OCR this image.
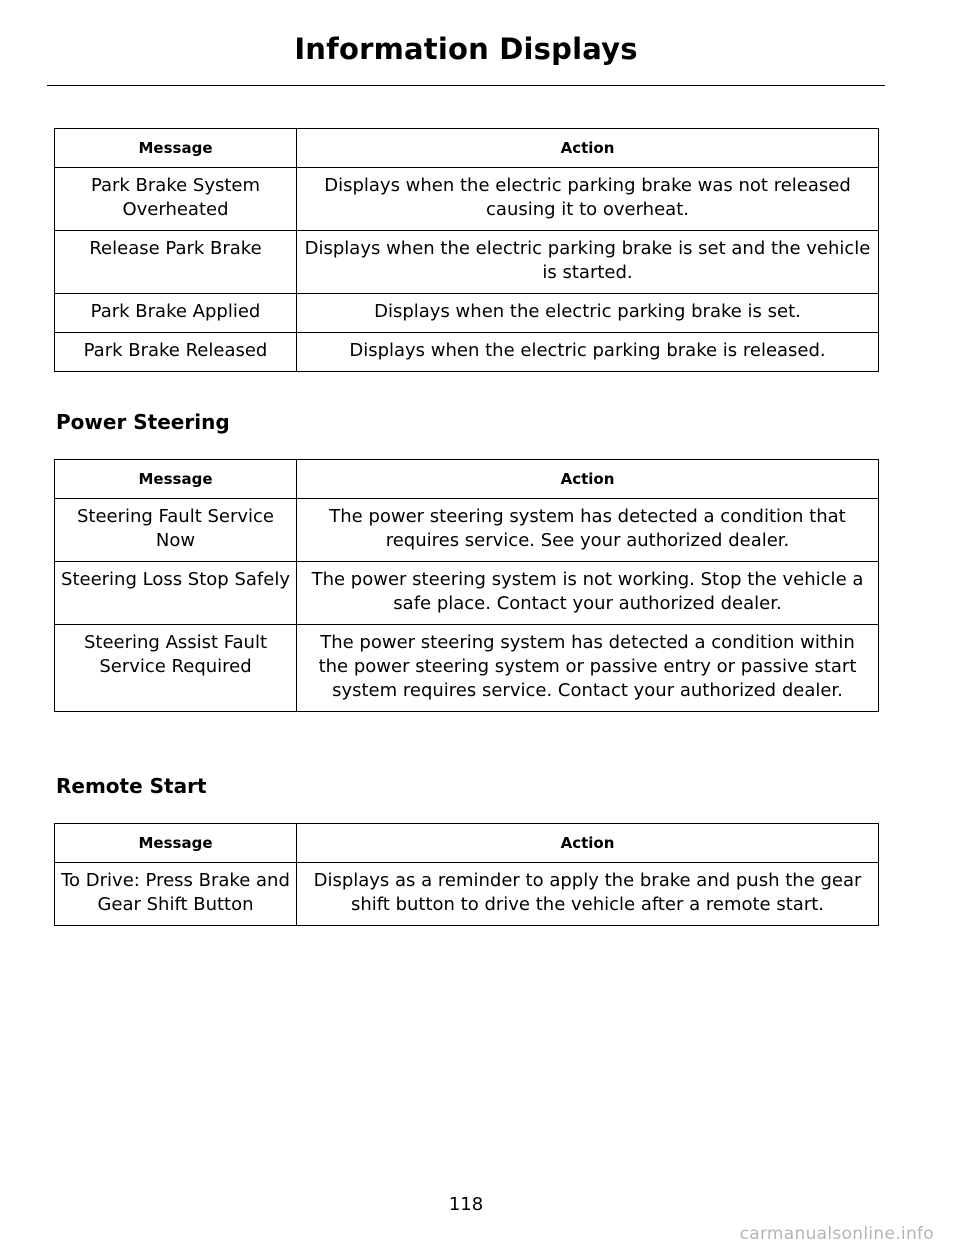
Information Displays
Message	Action
Park Brake System Overheated	Displays when the electric parking brake was not released causing it to overheat.
Release Park Brake	Displays when the electric parking brake is set and the vehicle is started.
Park Brake Applied	Displays when the electric parking brake is set.
Park Brake Released	Displays when the electric parking brake is released.
Power Steering
Message	Action
Steering Fault Service Now	The power steering system has detected a condition that requires service. See your authorized dealer.
Steering Loss Stop Safely	The power steering system is not working. Stop the vehicle a safe place. Contact your authorized dealer.
Steering Assist Fault Service Required	The power steering system has detected a condition within the power steering system or passive entry or passive start system requires service. Contact your authorized dealer.
Remote Start
Message	Action
To Drive: Press Brake and Gear Shift Button	Displays as a reminder to apply the brake and push the gear shift button to drive the vehicle after a remote start.
118
carmanualsonline.info
